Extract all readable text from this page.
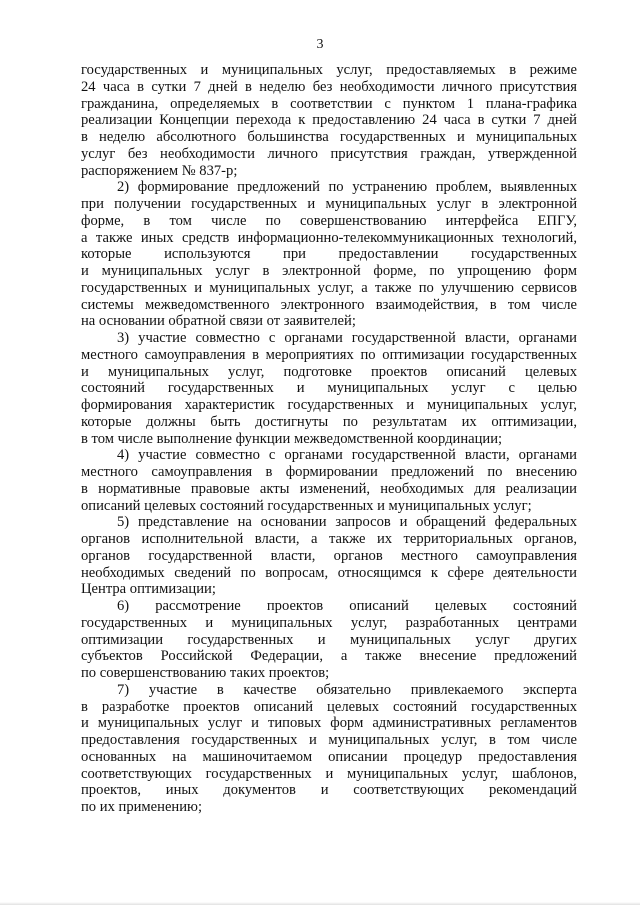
3
государственных и муниципальных услуг, предоставляемых в режиме
24 часа в сутки 7 дней в неделю без необходимости личного присутствия
гражданина, определяемых в соответствии с пунктом 1 плана-графика
реализации Концепции перехода к предоставлению 24 часа в сутки 7 дней
в неделю абсолютного большинства государственных и муниципальных
услуг без необходимости личного присутствия граждан, утвержденной
распоряжением № 837-р;
2) формирование предложений по устранению проблем, выявленных
при получении государственных и муниципальных услуг в электронной
форме, в том числе по совершенствованию интерфейса ЕПГУ,
а также иных средств информационно-телекоммуникационных технологий,
которые используются при предоставлении государственных
и муниципальных услуг в электронной форме, по упрощению форм
государственных и муниципальных услуг, а также по улучшению сервисов
системы межведомственного электронного взаимодействия, в том числе
на основании обратной связи от заявителей;
3) участие совместно с органами государственной власти, органами
местного самоуправления в мероприятиях по оптимизации государственных
и муниципальных услуг, подготовке проектов описаний целевых
состояний государственных и муниципальных услуг с целью
формирования характеристик государственных и муниципальных услуг,
которые должны быть достигнуты по результатам их оптимизации,
в том числе выполнение функции межведомственной координации;
4) участие совместно с органами государственной власти, органами
местного самоуправления в формировании предложений по внесению
в нормативные правовые акты изменений, необходимых для реализации
описаний целевых состояний государственных и муниципальных услуг;
5) представление на основании запросов и обращений федеральных
органов исполнительной власти, а также их территориальных органов,
органов государственной власти, органов местного самоуправления
необходимых сведений по вопросам, относящимся к сфере деятельности
Центра оптимизации;
6) рассмотрение проектов описаний целевых состояний
государственных и муниципальных услуг, разработанных центрами
оптимизации государственных и муниципальных услуг других
субъектов Российской Федерации, а также внесение предложений
по совершенствованию таких проектов;
7) участие в качестве обязательно привлекаемого эксперта
в разработке проектов описаний целевых состояний государственных
и муниципальных услуг и типовых форм административных регламентов
предоставления государственных и муниципальных услуг, в том числе
основанных на машиночитаемом описании процедур предоставления
соответствующих государственных и муниципальных услуг, шаблонов,
проектов, иных документов и соответствующих рекомендаций
по их применению;
